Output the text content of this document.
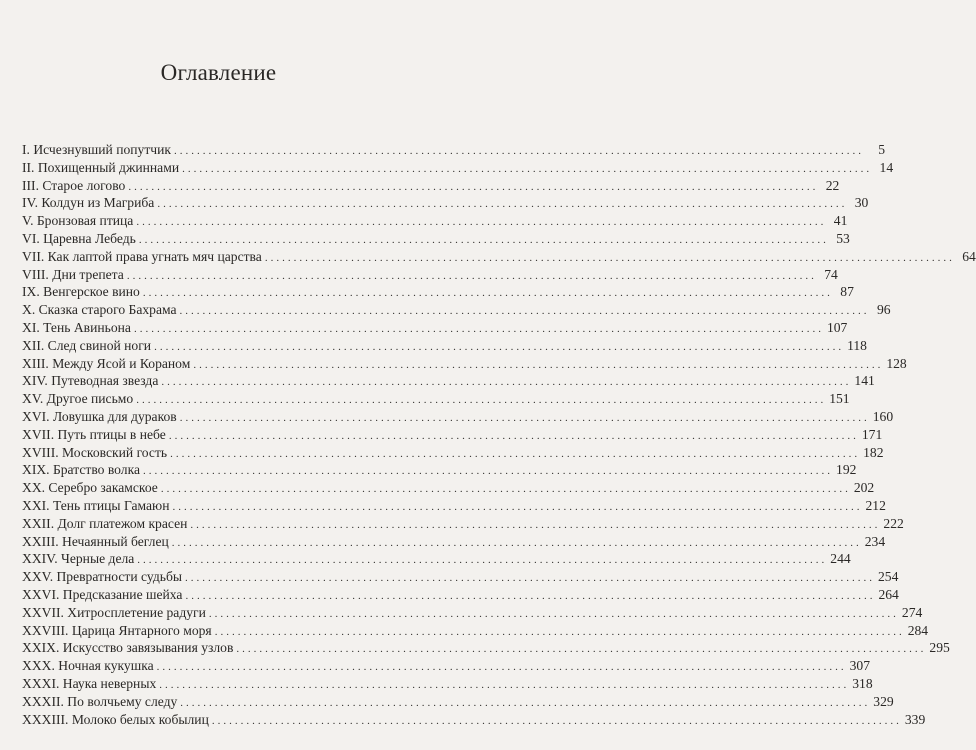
Оглавление
I. Исчезнувший попутчик ........................................................................................................................	5
II. Похищенный джиннами ........................................................................................................................ 14
III. Старое логово ........................................................................................................................ 22
IV. Колдун из Магриба ........................................................................................................................ 30
V. Бронзовая птица ........................................................................................................................ 41
VI. Царевна Лебедь ........................................................................................................................ 53
VII. Как лаптой права угнать мяч царства ........................................................................................................................ 64
VIII. Дни трепета ........................................................................................................................ 74
IX. Венгерское вино ........................................................................................................................ 87
X. Сказка старого Бахрама ........................................................................................................................ 96
XI. Тень Авиньона ........................................................................................................................ 107
XII. След свиной ноги ........................................................................................................................ 118
XIII. Между Ясой и Кораном ........................................................................................................................ 128
XIV. Путеводная звезда ........................................................................................................................ 141
XV. Другое письмо ........................................................................................................................ 151
XVI. Ловушка для дураков ........................................................................................................................ 160
XVII. Путь птицы в небе ........................................................................................................................ 171
XVIII. Московский гость ........................................................................................................................ 182
XIX. Братство волка ........................................................................................................................ 192
XX. Серебро закамское ........................................................................................................................ 202
XXI. Тень птицы Гамаюн ........................................................................................................................ 212
XXII. Долг платежом красен ........................................................................................................................ 222
XXIII. Нечаянный беглец ........................................................................................................................ 234
XXIV. Черные дела ........................................................................................................................ 244
XXV. Превратности судьбы ........................................................................................................................ 254
XXVI. Предсказание шейха ........................................................................................................................ 264
XXVII. Хитросплетение радуги ........................................................................................................................ 274
XXVIII. Царица Янтарного моря ........................................................................................................................ 284
XXIX. Искусство завязывания узлов ........................................................................................................................ 295
XXX. Ночная кукушка ........................................................................................................................ 307
XXXI. Наука неверных ........................................................................................................................ 318
XXXII. По волчьему следу ........................................................................................................................ 329
XXXIII. Молоко белых кобылиц ........................................................................................................................ 339
